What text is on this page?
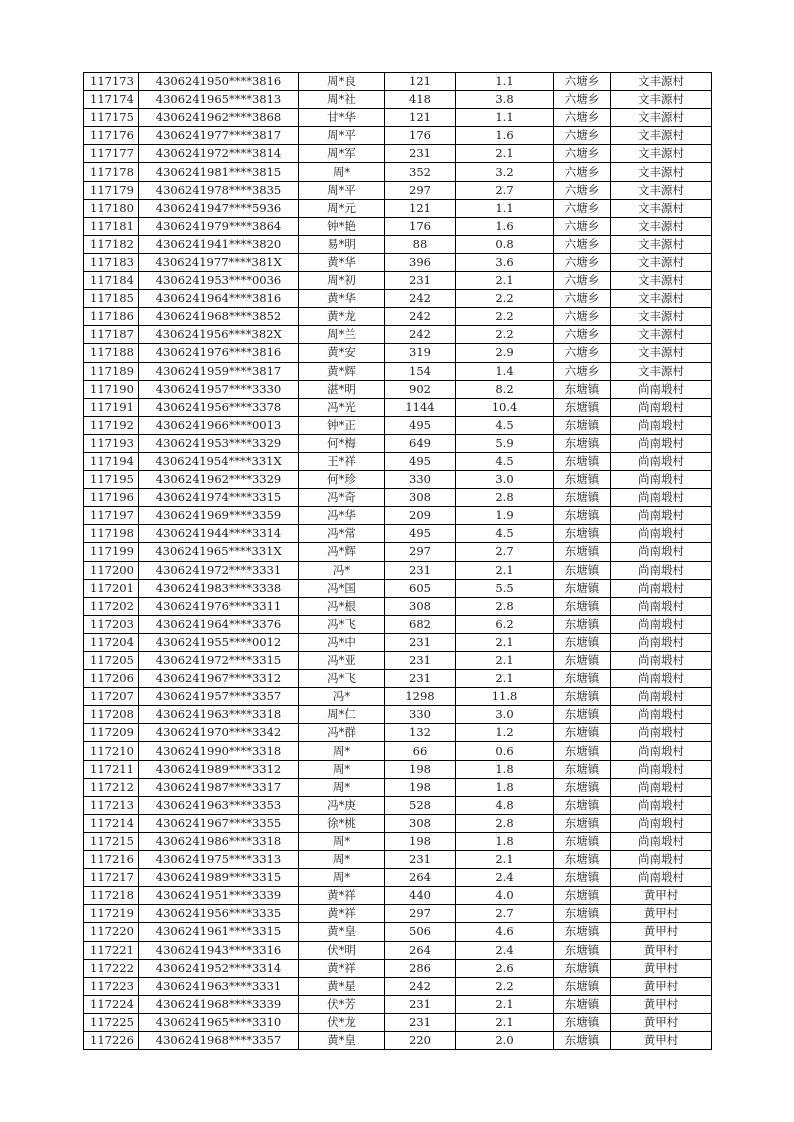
117173	4306241950****3816	周*良	121	1.1	六塘乡	文丰源村
117174	4306241965****3813	周*社	418	3.8	六塘乡	文丰源村
117175	4306241962****3868	甘*华	121	1.1	六塘乡	文丰源村
117176	4306241977****3817	周*平	176	1.6	六塘乡	文丰源村
117177	4306241972****3814	周*军	231	2.1	六塘乡	文丰源村
117178	4306241981****3815	周*	352	3.2	六塘乡	文丰源村
117179	4306241978****3835	周*平	297	2.7	六塘乡	文丰源村
117180	4306241947****5936	周*元	121	1.1	六塘乡	文丰源村
117181	4306241979****3864	钟*艳	176	1.6	六塘乡	文丰源村
117182	4306241941****3820	易*明	88	0.8	六塘乡	文丰源村
117183	4306241977****381X	黄*华	396	3.6	六塘乡	文丰源村
117184	4306241953****0036	周*初	231	2.1	六塘乡	文丰源村
117185	4306241964****3816	黄*华	242	2.2	六塘乡	文丰源村
117186	4306241968****3852	黄*龙	242	2.2	六塘乡	文丰源村
117187	4306241956****382X	周*兰	242	2.2	六塘乡	文丰源村
117188	4306241976****3816	黄*安	319	2.9	六塘乡	文丰源村
117189	4306241959****3817	黄*辉	154	1.4	六塘乡	文丰源村
117190	4306241957****3330	湛*明	902	8.2	东塘镇	尚南塅村
117191	4306241956****3378	冯*光	1144	10.4	东塘镇	尚南塅村
117192	4306241966****0013	钟*正	495	4.5	东塘镇	尚南塅村
117193	4306241953****3329	何*梅	649	5.9	东塘镇	尚南塅村
117194	4306241954****331X	王*祥	495	4.5	东塘镇	尚南塅村
117195	4306241962****3329	何*珍	330	3.0	东塘镇	尚南塅村
117196	4306241974****3315	冯*奇	308	2.8	东塘镇	尚南塅村
117197	4306241969****3359	冯*华	209	1.9	东塘镇	尚南塅村
117198	4306241944****3314	冯*常	495	4.5	东塘镇	尚南塅村
117199	4306241965****331X	冯*辉	297	2.7	东塘镇	尚南塅村
117200	4306241972****3331	冯*	231	2.1	东塘镇	尚南塅村
117201	4306241983****3338	冯*国	605	5.5	东塘镇	尚南塅村
117202	4306241976****3311	冯*根	308	2.8	东塘镇	尚南塅村
117203	4306241964****3376	冯*飞	682	6.2	东塘镇	尚南塅村
117204	4306241955****0012	冯*中	231	2.1	东塘镇	尚南塅村
117205	4306241972****3315	冯*亚	231	2.1	东塘镇	尚南塅村
117206	4306241967****3312	冯*飞	231	2.1	东塘镇	尚南塅村
117207	4306241957****3357	冯*	1298	11.8	东塘镇	尚南塅村
117208	4306241963****3318	周*仁	330	3.0	东塘镇	尚南塅村
117209	4306241970****3342	冯*群	132	1.2	东塘镇	尚南塅村
117210	4306241990****3318	周*	66	0.6	东塘镇	尚南塅村
117211	4306241989****3312	周*	198	1.8	东塘镇	尚南塅村
117212	4306241987****3317	周*	198	1.8	东塘镇	尚南塅村
117213	4306241963****3353	冯*庚	528	4.8	东塘镇	尚南塅村
117214	4306241967****3355	徐*桃	308	2.8	东塘镇	尚南塅村
117215	4306241986****3318	周*	198	1.8	东塘镇	尚南塅村
117216	4306241975****3313	周*	231	2.1	东塘镇	尚南塅村
117217	4306241989****3315	周*	264	2.4	东塘镇	尚南塅村
117218	4306241951****3339	黄*祥	440	4.0	东塘镇	黄甲村
117219	4306241956****3335	黄*祥	297	2.7	东塘镇	黄甲村
117220	4306241961****3315	黄*皇	506	4.6	东塘镇	黄甲村
117221	4306241943****3316	伏*明	264	2.4	东塘镇	黄甲村
117222	4306241952****3314	黄*祥	286	2.6	东塘镇	黄甲村
117223	4306241963****3331	黄*星	242	2.2	东塘镇	黄甲村
117224	4306241968****3339	伏*芳	231	2.1	东塘镇	黄甲村
117225	4306241965****3310	伏*龙	231	2.1	东塘镇	黄甲村
117226	4306241968****3357	黄*皇	220	2.0	东塘镇	黄甲村
